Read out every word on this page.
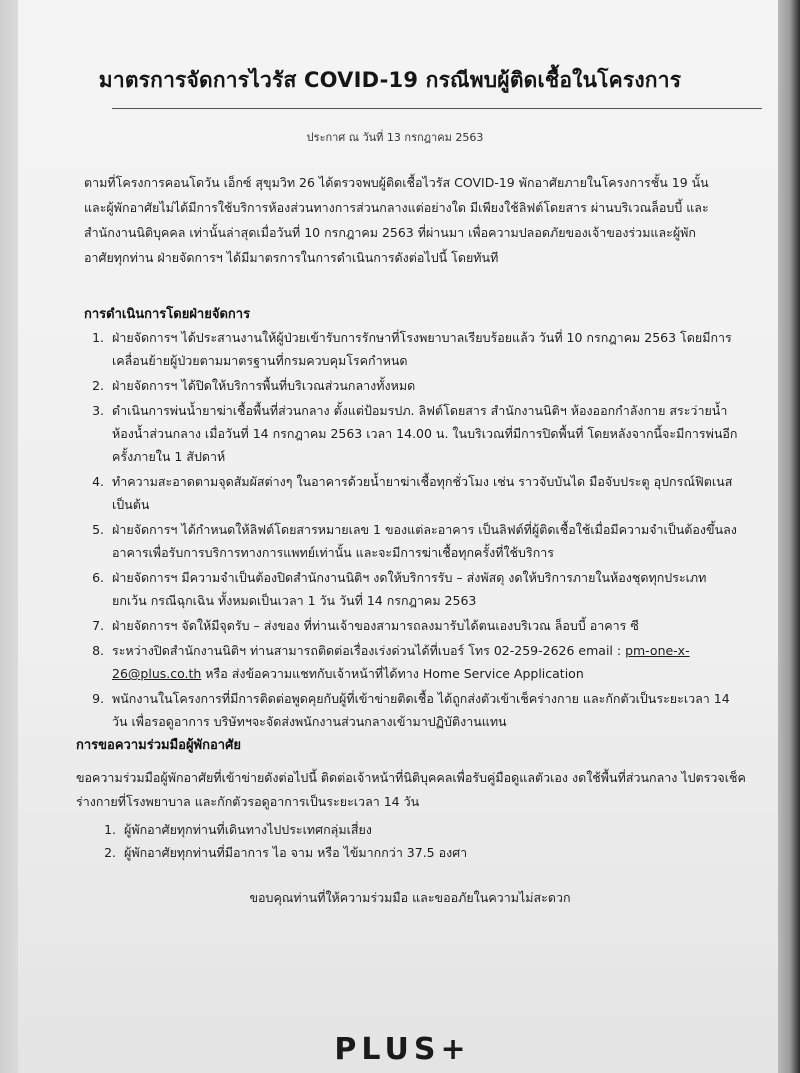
มาตรการจัดการไวรัส COVID-19 กรณีพบผู้ติดเชื้อในโครงการ
ประกาศ ณ วันที่ 13 กรกฎาคม 2563
ตามที่โครงการคอนโดวัน เอ็กซ์ สุขุมวิท 26 ได้ตรวจพบผู้ติดเชื้อไวรัส COVID-19 พักอาศัยภายในโครงการชั้น 19 นั้น และผู้พักอาศัยไม่ได้มีการใช้บริการห้องส่วนทางการส่วนกลางแต่อย่างใด มีเพียงใช้ลิฟต์โดยสาร ผ่านบริเวณล็อบบี้ และสำนักงานนิติบุคคล เท่านั้นล่าสุดเมื่อวันที่ 10 กรกฎาคม 2563 ที่ผ่านมา เพื่อความปลอดภัยของเจ้าของร่วมและผู้พักอาศัยทุกท่าน ฝ่ายจัดการฯ ได้มีมาตรการในการดำเนินการดังต่อไปนี้ โดยทันที
การดำเนินการโดยฝ่ายจัดการ
1. ฝ่ายจัดการฯ ได้ประสานงานให้ผู้ป่วยเข้ารับการรักษาที่โรงพยาบาลเรียบร้อยแล้ว วันที่ 10 กรกฎาคม 2563 โดยมีการเคลื่อนย้ายผู้ป่วยตามมาตรฐานที่กรมควบคุมโรคกำหนด
2. ฝ่ายจัดการฯ ได้ปิดให้บริการพื้นที่บริเวณส่วนกลางทั้งหมด
3. ดำเนินการพ่นน้ำยาฆ่าเชื้อพื้นที่ส่วนกลาง ตั้งแต่ป้อมรปภ. ลิฟต์โดยสาร สำนักงานนิติฯ ห้องออกกำลังกาย สระว่ายน้ำ ห้องน้ำส่วนกลาง เมื่อวันที่ 14 กรกฎาคม 2563 เวลา 14.00 น. ในบริเวณที่มีการปิดพื้นที่ โดยหลังจากนี้จะมีการพ่นอีกครั้งภายใน 1 สัปดาห์
4. ทำความสะอาดตามจุดสัมผัสต่างๆ ในอาคารด้วยน้ำยาฆ่าเชื้อทุกชั่วโมง เช่น ราวจับบันได มือจับประตู อุปกรณ์ฟิตเนส เป็นต้น
5. ฝ่ายจัดการฯ ได้กำหนดให้ลิฟต์โดยสารหมายเลข 1 ของแต่ละอาคาร เป็นลิฟต์ที่ผู้ติดเชื้อใช้เมื่อมีความจำเป็นต้องขึ้นลงอาคารเพื่อรับการบริการทางการแพทย์เท่านั้น และจะมีการฆ่าเชื้อทุกครั้งที่ใช้บริการ
6. ฝ่ายจัดการฯ มีความจำเป็นต้องปิดสำนักงานนิติฯ งดให้บริการรับ – ส่งพัสดุ งดให้บริการภายในห้องชุดทุกประเภท ยกเว้น กรณีฉุกเฉิน ทั้งหมดเป็นเวลา 1 วัน วันที่ 14 กรกฎาคม 2563
7. ฝ่ายจัดการฯ จัดให้มีจุดรับ – ส่งของ ที่ท่านเจ้าของสามารถลงมารับได้ตนเองบริเวณ ล็อบบี้ อาคาร ซี
8. ระหว่างปิดสำนักงานนิติฯ ท่านสามารถติดต่อเรื่องเร่งด่วนได้ที่เบอร์ โทร 02-259-2626 email : pm-one-x-26@plus.co.th หรือ ส่งข้อความแชทกับเจ้าหน้าที่ได้ทาง Home Service Application
9. พนักงานในโครงการที่มีการติดต่อพูดคุยกับผู้ที่เข้าข่ายติดเชื้อ ได้ถูกส่งตัวเข้าเช็คร่างกาย และกักตัวเป็นระยะเวลา 14 วัน เพื่อรอดูอาการ บริษัทฯจะจัดส่งพนักงานส่วนกลางเข้ามาปฏิบัติงานแทน
การขอความร่วมมือผู้พักอาศัย
ขอความร่วมมือผู้พักอาศัยที่เข้าข่ายดังต่อไปนี้ ติดต่อเจ้าหน้าที่นิติบุคคลเพื่อรับคู่มือดูแลตัวเอง งดใช้พื้นที่ส่วนกลาง ไปตรวจเช็คร่างกายที่โรงพยาบาล และกักตัวรอดูอาการเป็นระยะเวลา 14 วัน
1. ผู้พักอาศัยทุกท่านที่เดินทางไปประเทศกลุ่มเสี่ยง
2. ผู้พักอาศัยทุกท่านที่มีอาการ ไอ จาม หรือ ไข้มากกว่า 37.5 องศา
ขอบคุณท่านที่ให้ความร่วมมือ และขออภัยในความไม่สะดวก
PLUS+
